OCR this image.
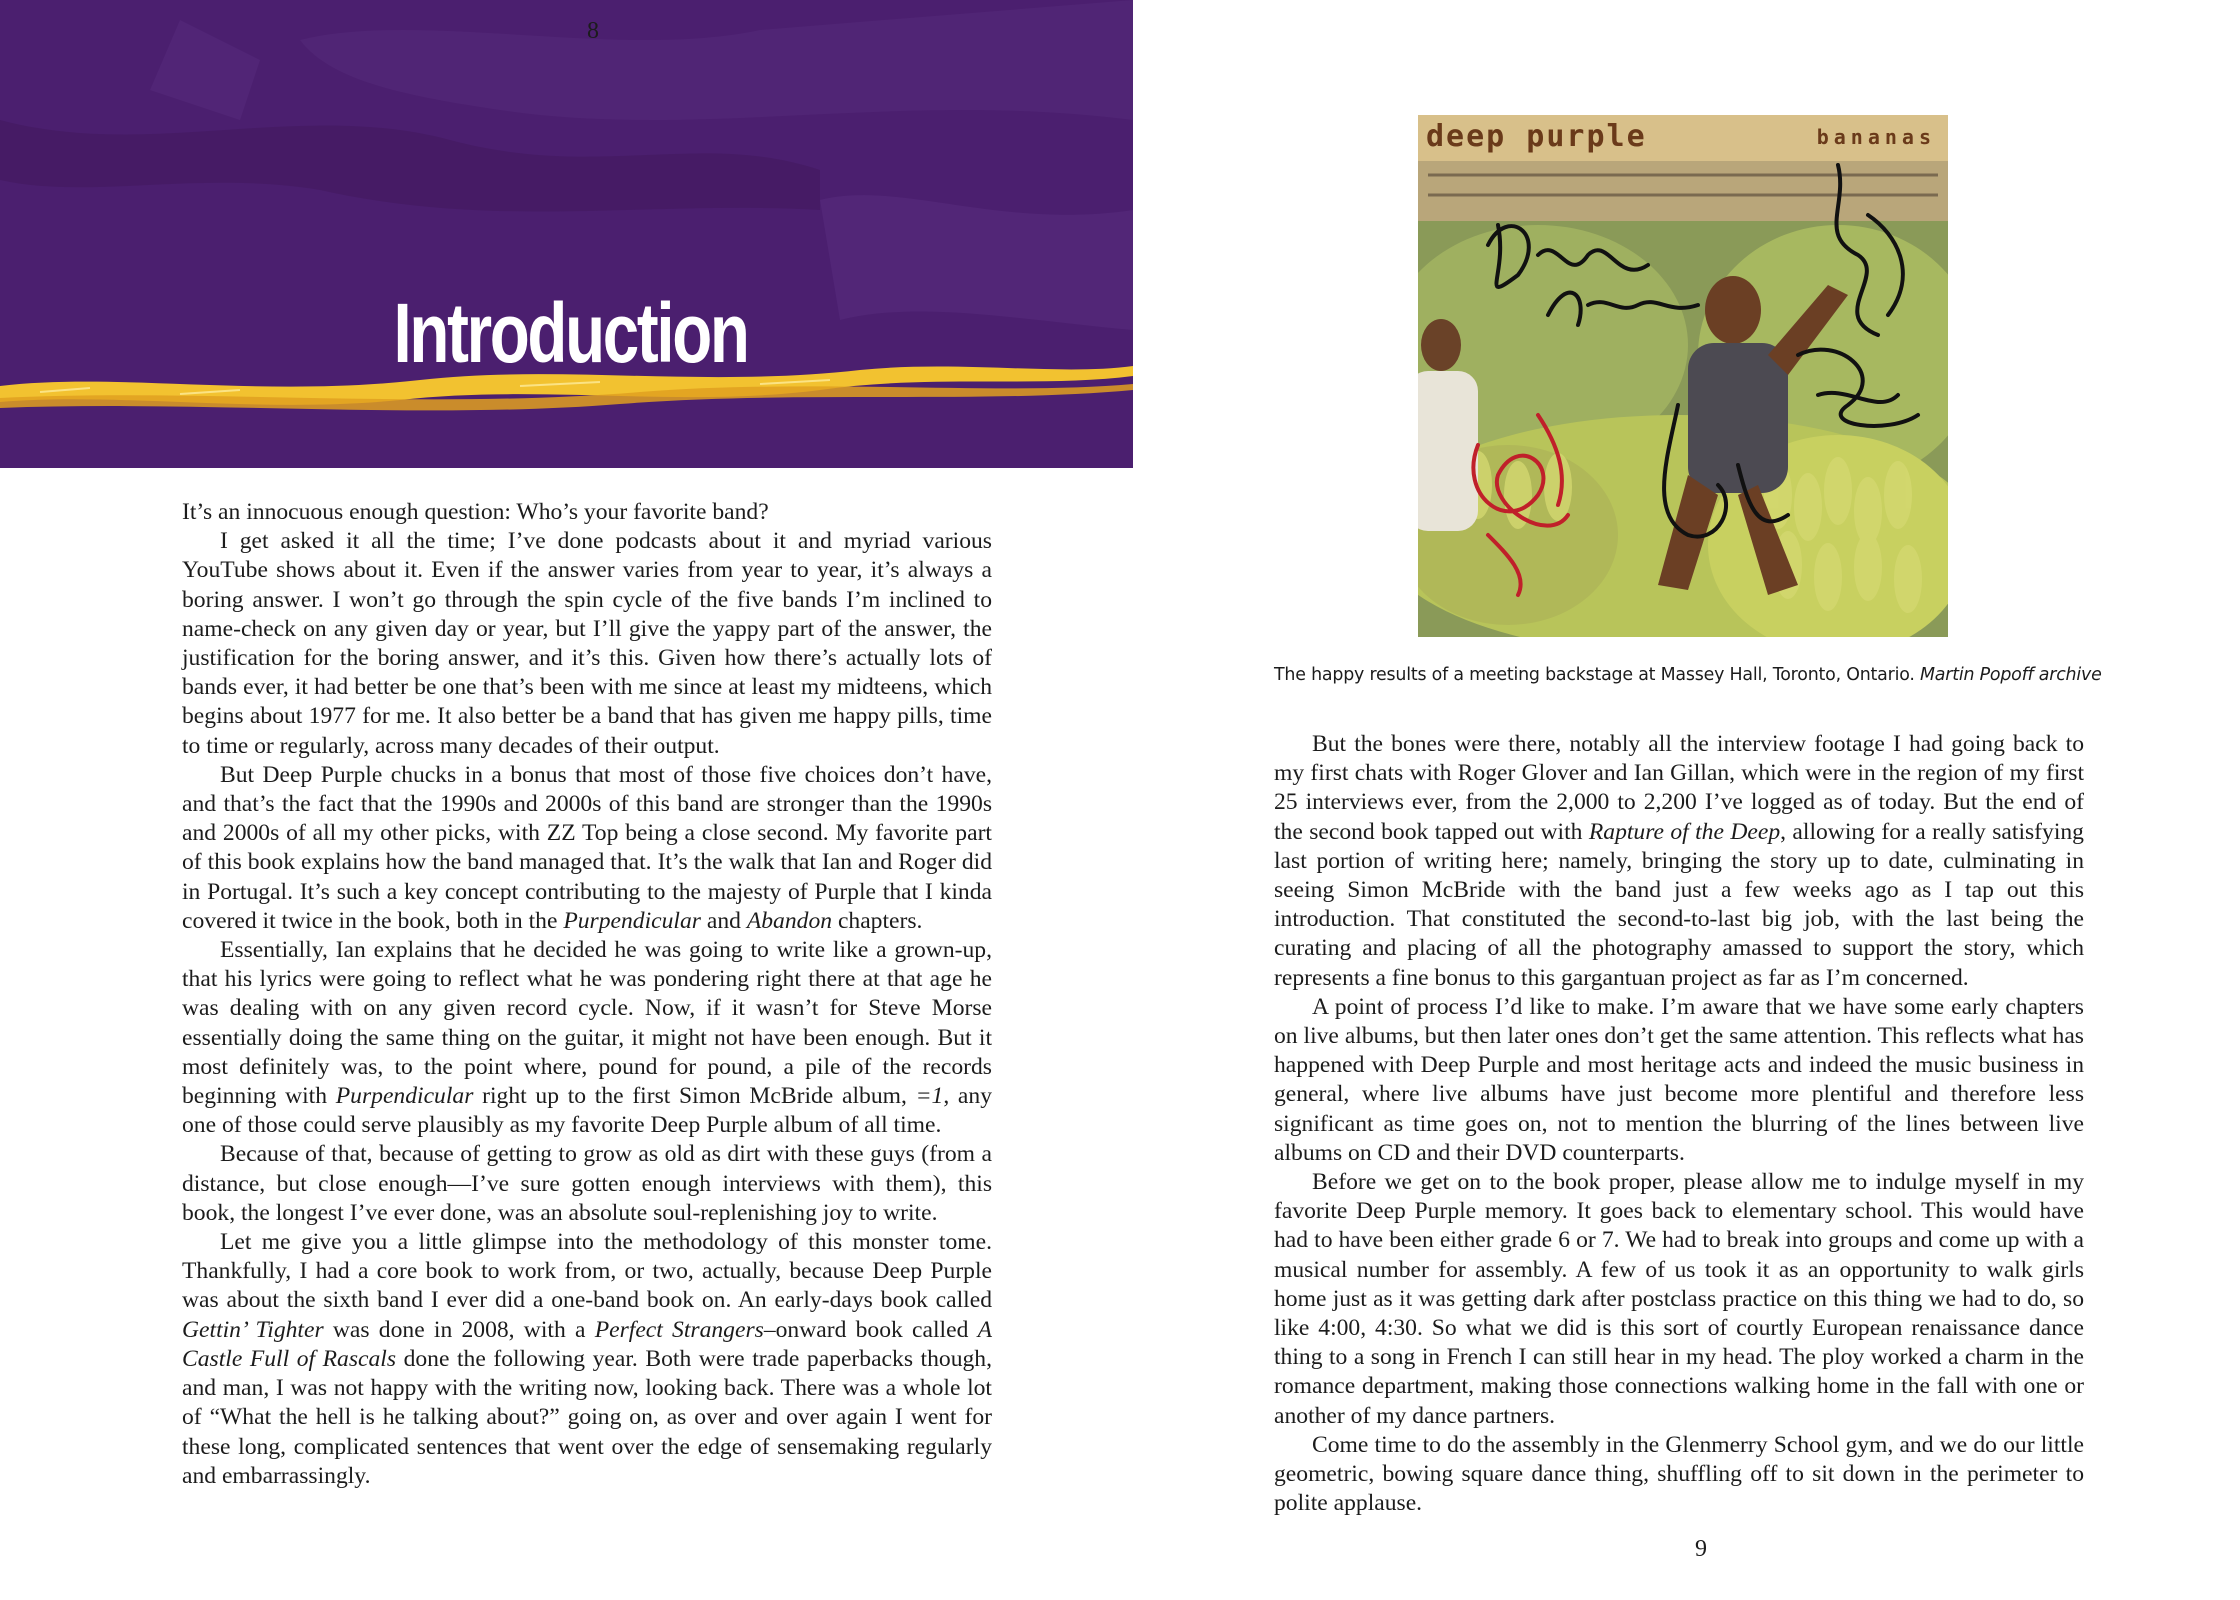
Introduction
8

It’s an innocuous enough question: Who’s your favorite band?

I get asked it all the time; I’ve done podcasts about it and myriad various YouTube shows about it. Even if the answer varies from year to year, it’s always a boring answer. I won’t go through the spin cycle of the five bands I’m inclined to name-check on any given day or year, but I’ll give the yappy part of the answer, the justification for the boring answer, and it’s this. Given how there’s actually lots of bands ever, it had better be one that’s been with me since at least my midteens, which begins about 1977 for me. It also better be a band that has given me happy pills, time to time or regularly, across many decades of their output.

But Deep Purple chucks in a bonus that most of those five choices don’t have, and that’s the fact that the 1990s and 2000s of this band are stronger than the 1990s and 2000s of all my other picks, with ZZ Top being a close second. My favorite part of this book explains how the band managed that. It’s the walk that Ian and Roger did in Portugal. It’s such a key concept contributing to the majesty of Purple that I kinda covered it twice in the book, both in the Purpendicular and Abandon chapters.

Essentially, Ian explains that he decided he was going to write like a grown-up, that his lyrics were going to reflect what he was pondering right there at that age he was dealing with on any given record cycle. Now, if it wasn’t for Steve Morse essentially doing the same thing on the guitar, it might not have been enough. But it most definitely was, to the point where, pound for pound, a pile of the records beginning with Purpendicular right up to the first Simon McBride album, =1, any one of those could serve plausibly as my favorite Deep Purple album of all time.

Because of that, because of getting to grow as old as dirt with these guys (from a distance, but close enough—I’ve sure gotten enough interviews with them), this book, the longest I’ve ever done, was an absolute soul-replenishing joy to write.

Let me give you a little glimpse into the methodology of this monster tome. Thankfully, I had a core book to work from, or two, actually, because Deep Purple was about the sixth band I ever did a one-band book on. An early-days book called Gettin’ Tighter was done in 2008, with a Perfect Strangers–onward book called A Castle Full of Rascals done the following year. Both were trade paperbacks though, and man, I was not happy with the writing now, looking back. There was a whole lot of “What the hell is he talking about?” going on, as over and over again I went for these long, complicated sentences that went over the edge of sensemaking regularly and embarrassingly.

deep purple	bananas
The happy results of a meeting backstage at Massey Hall, Toronto, Ontario. Martin Popoff archive

But the bones were there, notably all the interview footage I had going back to my first chats with Roger Glover and Ian Gillan, which were in the region of my first 25 interviews ever, from the 2,000 to 2,200 I’ve logged as of today. But the end of the second book tapped out with Rapture of the Deep, allowing for a really satisfying last portion of writing here; namely, bringing the story up to date, culminating in seeing Simon McBride with the band just a few weeks ago as I tap out this introduction. That constituted the second-to-last big job, with the last being the curating and placing of all the photography amassed to support the story, which represents a fine bonus to this gargantuan project as far as I’m concerned.

A point of process I’d like to make. I’m aware that we have some early chapters on live albums, but then later ones don’t get the same attention. This reflects what has happened with Deep Purple and most heritage acts and indeed the music business in general, where live albums have just become more plentiful and therefore less significant as time goes on, not to mention the blurring of the lines between live albums on CD and their DVD counterparts.

Before we get on to the book proper, please allow me to indulge myself in my favorite Deep Purple memory. It goes back to elementary school. This would have had to have been either grade 6 or 7. We had to break into groups and come up with a musical number for assembly. A few of us took it as an opportunity to walk girls home just as it was getting dark after postclass practice on this thing we had to do, so like 4:00, 4:30. So what we did is this sort of courtly European renaissance dance thing to a song in French I can still hear in my head. The ploy worked a charm in the romance department, making those connections walking home in the fall with one or another of my dance partners.

Come time to do the assembly in the Glenmerry School gym, and we do our little geometric, bowing square dance thing, shuffling off to sit down in the perimeter to polite applause.

9
